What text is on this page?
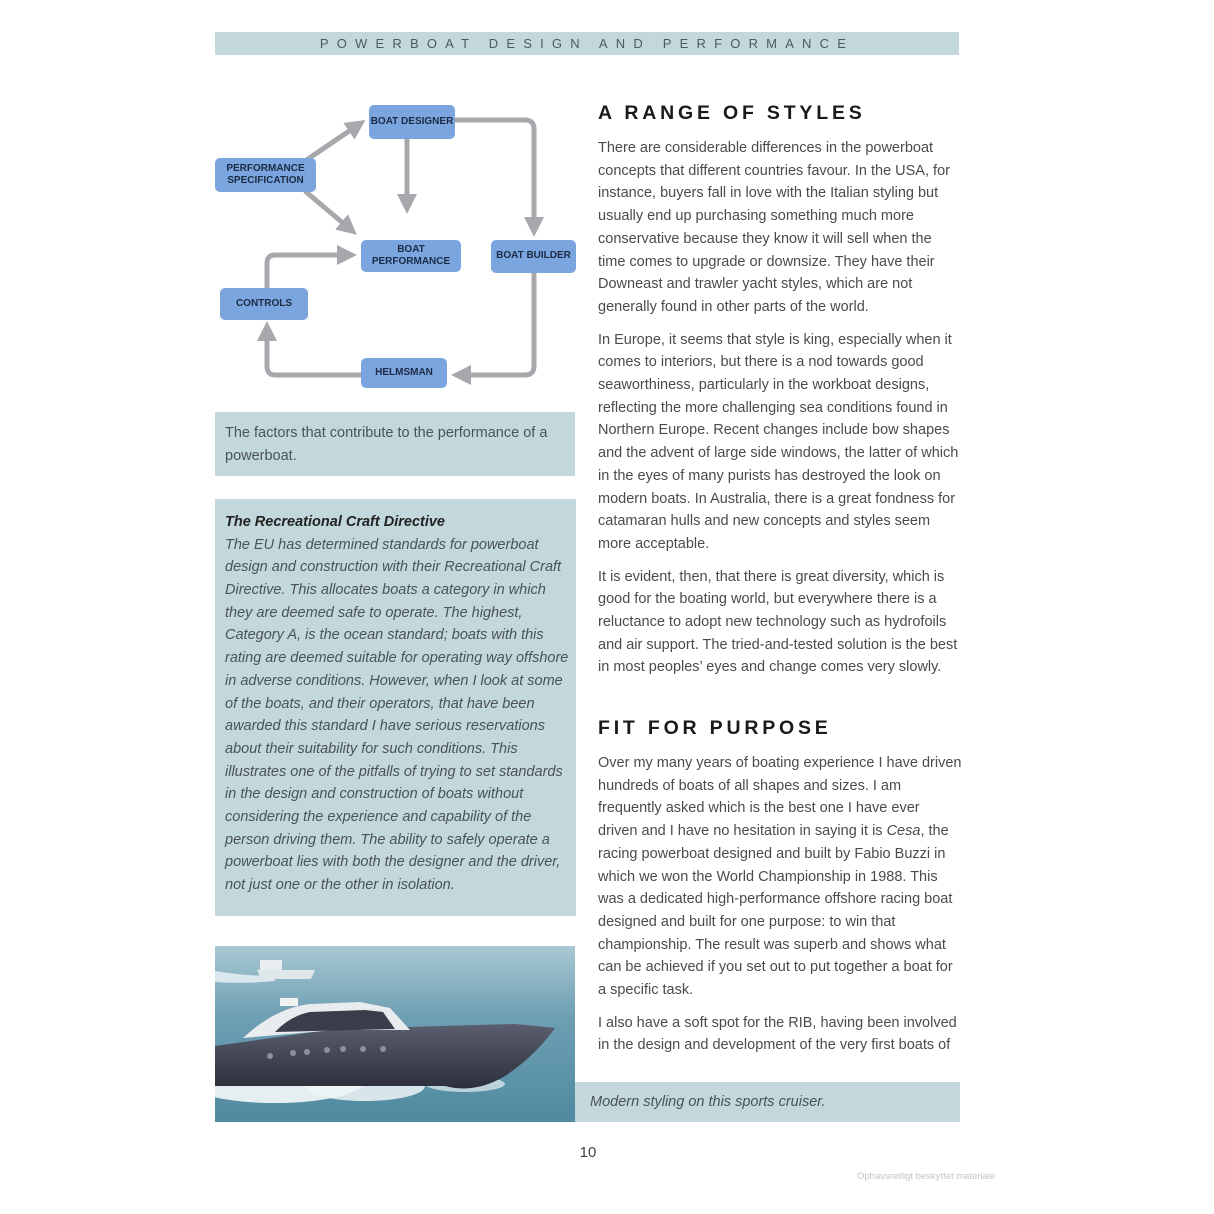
POWERBOAT DESIGN AND PERFORMANCE
BOAT DESIGNER
PERFORMANCE SPECIFICATION
BOAT PERFORMANCE
BOAT BUILDER
CONTROLS
HELMSMAN

The factors that contribute to the performance of a powerboat.

The Recreational Craft Directive
The EU has determined standards for powerboat design and construction with their Recreational Craft Directive. This allocates boats a category in which they are deemed safe to operate. The highest, Category A, is the ocean standard; boats with this rating are deemed suitable for operating way offshore in adverse conditions. However, when I look at some of the boats, and their operators, that have been awarded this standard I have serious reservations about their suitability for such conditions. This illustrates one of the pitfalls of trying to set standards in the design and construction of boats without considering the experience and capability of the person driving them. The ability to safely operate a powerboat lies with both the designer and the driver, not just one or the other in isolation.

Modern styling on this sports cruiser.

A RANGE OF STYLES

There are considerable differences in the powerboat concepts that different countries favour. In the USA, for instance, buyers fall in love with the Italian styling but usually end up purchasing something much more conservative because they know it will sell when the time comes to upgrade or downsize. They have their Downeast and trawler yacht styles, which are not generally found in other parts of the world.

In Europe, it seems that style is king, especially when it comes to interiors, but there is a nod towards good seaworthiness, particularly in the workboat designs, reflecting the more challenging sea conditions found in Northern Europe. Recent changes include bow shapes and the advent of large side windows, the latter of which in the eyes of many purists has destroyed the look on modern boats. In Australia, there is a great fondness for catamaran hulls and new concepts and styles seem more acceptable.

It is evident, then, that there is great diversity, which is good for the boating world, but everywhere there is a reluctance to adopt new technology such as hydrofoils and air support. The tried-and-tested solution is the best in most peoples’ eyes and change comes very slowly.

FIT FOR PURPOSE

Over my many years of boating experience I have driven hundreds of boats of all shapes and sizes. I am frequently asked which is the best one I have ever driven and I have no hesitation in saying it is Cesa, the racing powerboat designed and built by Fabio Buzzi in which we won the World Championship in 1988. This was a dedicated high-performance offshore racing boat designed and built for one purpose: to win that championship. The result was superb and shows what can be achieved if you set out to put together a boat for a specific task.

I also have a soft spot for the RIB, having been involved in the design and development of the very first boats of

10
Ophavsretligt beskyttet materiale
